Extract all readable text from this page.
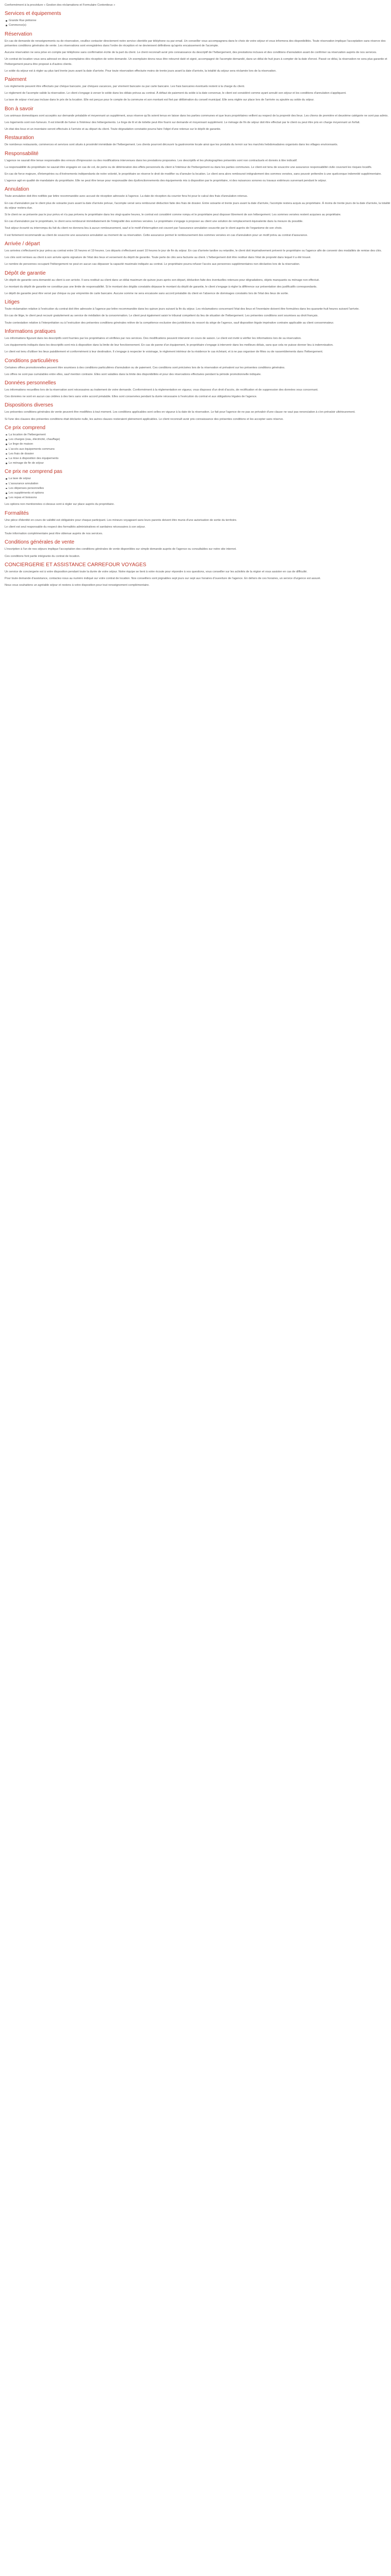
Conformément à la procédure « Gestion des réclamations et Formulaire Contentieux »

Services et équipements
Grande Rue piétonne
Commerce(s)
Réservation

En cas de demande de renseignements ou de réservation, veuillez contacter directement notre service clientèle par téléphone ou par email. Un conseiller vous accompagnera dans le choix de votre séjour et vous informera des disponibilités. Toute réservation implique l'acceptation sans réserve des présentes conditions générales de vente. Les réservations sont enregistrées dans l'ordre de réception et ne deviennent définitives qu'après encaissement de l'acompte.

Aucune réservation ne sera prise en compte par téléphone sans confirmation écrite de la part du client. Le client reconnaît avoir pris connaissance du descriptif de l'hébergement, des prestations incluses et des conditions d'annulation avant de confirmer sa réservation auprès de nos services.

Un contrat de location vous sera adressé en deux exemplaires dès réception de votre demande. Un exemplaire devra nous être retourné daté et signé, accompagné de l'acompte demandé, dans un délai de huit jours à compter de la date d'envoi. Passé ce délai, la réservation ne sera plus garantie et l'hébergement pourra être proposé à d'autres clients.

Le solde du séjour est à régler au plus tard trente jours avant la date d'arrivée. Pour toute réservation effectuée moins de trente jours avant la date d'arrivée, la totalité du séjour sera réclamée lors de la réservation.

Paiement

Les règlements peuvent être effectués par chèque bancaire, par chèques vacances, par virement bancaire ou par carte bancaire. Les frais bancaires éventuels restent à la charge du client.

Le règlement de l'acompte valide la réservation. Le client s'engage à verser le solde dans les délais prévus au contrat. À défaut de paiement du solde à la date convenue, le client est considéré comme ayant annulé son séjour et les conditions d'annulation s'appliquent.

La taxe de séjour n'est pas incluse dans le prix de la location. Elle est perçue pour le compte de la commune et son montant est fixé par délibération du conseil municipal. Elle sera réglée sur place lors de l'arrivée ou ajoutée au solde du séjour.

Bon à savoir

Les animaux domestiques sont acceptés sur demande préalable et moyennant un supplément, sous réserve qu'ils soient tenus en laisse dans les parties communes et que leurs propriétaires veillent au respect de la propreté des lieux. Les chiens de première et deuxième catégorie ne sont pas admis.

Les logements sont non-fumeurs. Il est interdit de fumer à l'intérieur des hébergements. Le linge de lit et de toilette peut être fourni sur demande et moyennant supplément. Le ménage de fin de séjour doit être effectué par le client ou peut être pris en charge moyennant un forfait.

Un état des lieux et un inventaire seront effectués à l'arrivée et au départ du client. Toute dégradation constatée pourra faire l'objet d'une retenue sur le dépôt de garantie.

Restauration

De nombreux restaurants, commerces et services sont situés à proximité immédiate de l'hébergement. Les clients pourront découvrir la gastronomie locale ainsi que les produits du terroir sur les marchés hebdomadaires organisés dans les villages environnants.

Responsabilité

L'agence ne saurait être tenue responsable des erreurs d'impression ou des modifications intervenues dans les prestations proposées. Les descriptifs et les photographies présentés sont non contractuels et donnés à titre indicatif.

La responsabilité du propriétaire ne saurait être engagée en cas de vol, de perte ou de détérioration des effets personnels du client à l'intérieur de l'hébergement ou dans les parties communes. Le client est tenu de souscrire une assurance responsabilité civile couvrant les risques locatifs.

En cas de force majeure, d'intempéries ou d'événements indépendants de notre volonté, le propriétaire se réserve le droit de modifier ou d'annuler la location. Le client sera alors remboursé intégralement des sommes versées, sans pouvoir prétendre à une quelconque indemnité supplémentaire.

L'agence agit en qualité de mandataire du propriétaire. Elle ne peut être tenue pour responsable des dysfonctionnements des équipements mis à disposition par le propriétaire, ni des nuisances sonores ou travaux extérieurs survenant pendant le séjour.

Annulation

Toute annulation doit être notifiée par lettre recommandée avec accusé de réception adressée à l'agence. La date de réception du courrier fera foi pour le calcul des frais d'annulation retenus.

En cas d'annulation par le client plus de soixante jours avant la date d'arrivée prévue, l'acompte versé sera remboursé déduction faite des frais de dossier. Entre soixante et trente jours avant la date d'arrivée, l'acompte restera acquis au propriétaire. À moins de trente jours de la date d'arrivée, la totalité du séjour restera due.

Si le client ne se présente pas le jour prévu et n'a pas prévenu le propriétaire dans les vingt-quatre heures, le contrat est considéré comme rompu et le propriétaire peut disposer librement de son hébergement. Les sommes versées restent acquises au propriétaire.

En cas d'annulation par le propriétaire, le client sera remboursé immédiatement de l'intégralité des sommes versées. Le propriétaire s'engage à proposer au client une solution de remplacement équivalente dans la mesure du possible.

Tout séjour écourté ou interrompu du fait du client ne donnera lieu à aucun remboursement, sauf si le motif d'interruption est couvert par l'assurance annulation souscrite par le client auprès de l'organisme de son choix.

Il est fortement recommandé au client de souscrire une assurance annulation au moment de sa réservation. Cette assurance permet le remboursement des sommes versées en cas d'annulation pour un motif prévu au contrat d'assurance.

Arrivée / départ

Les arrivées s'effectuent le jour prévu au contrat entre 16 heures et 19 heures. Les départs s'effectuent avant 10 heures le jour de fin du séjour. En cas d'arrivée tardive ou retardée, le client doit impérativement prévenir le propriétaire ou l'agence afin de convenir des modalités de remise des clés.

Les clés sont remises au client à son arrivée après signature de l'état des lieux et versement du dépôt de garantie. Toute perte de clés sera facturée au client. L'hébergement doit être restitué dans l'état de propreté dans lequel il a été trouvé.

Le nombre de personnes occupant l'hébergement ne peut en aucun cas dépasser la capacité maximale indiquée au contrat. Le propriétaire pourra refuser l'accès aux personnes supplémentaires non déclarées lors de la réservation.

Dépôt de garantie

Un dépôt de garantie sera demandé au client à son arrivée. Il sera restitué au client dans un délai maximum de quinze jours après son départ, déduction faite des éventuelles retenues pour dégradations, objets manquants ou ménage non effectué.

Le montant du dépôt de garantie ne constitue pas une limite de responsabilité. Si le montant des dégâts constatés dépasse le montant du dépôt de garantie, le client s'engage à régler la différence sur présentation des justificatifs correspondants.

Le dépôt de garantie peut être versé par chèque ou par empreinte de carte bancaire. Aucune somme ne sera encaissée sans accord préalable du client en l'absence de dommages constatés lors de l'état des lieux de sortie.

Litiges

Toute réclamation relative à l'exécution du contrat doit être adressée à l'agence par lettre recommandée dans les quinze jours suivant la fin du séjour. Les réclamations concernant l'état des lieux et l'inventaire doivent être formulées dans les quarante-huit heures suivant l'arrivée.

En cas de litige, le client peut recourir gratuitement au service de médiation de la consommation. Le client peut également saisir le tribunal compétent du lieu de situation de l'hébergement. Les présentes conditions sont soumises au droit français.

Toute contestation relative à l'interprétation ou à l'exécution des présentes conditions générales relève de la compétence exclusive des juridictions du ressort du siège de l'agence, sauf disposition légale impérative contraire applicable au client consommateur.

Informations pratiques

Les informations figurant dans les descriptifs sont fournies par les propriétaires et vérifiées par nos services. Des modifications peuvent intervenir en cours de saison. Le client est invité à vérifier les informations lors de sa réservation.

Les équipements indiqués dans les descriptifs sont mis à disposition dans la limite de leur fonctionnement. En cas de panne d'un équipement, le propriétaire s'engage à intervenir dans les meilleurs délais, sans que cela ne puisse donner lieu à indemnisation.

Le client est tenu d'utiliser les lieux paisiblement et conformément à leur destination. Il s'engage à respecter le voisinage, le règlement intérieur de la résidence le cas échéant, et à ne pas organiser de fêtes ou de rassemblements dans l'hébergement.

Conditions particulières

Certaines offres promotionnelles peuvent être soumises à des conditions particulières d'annulation ou de paiement. Ces conditions sont précisées lors de la réservation et prévalent sur les présentes conditions générales.

Les offres ne sont pas cumulables entre elles, sauf mention contraire. Elles sont valables dans la limite des disponibilités et pour des réservations effectuées pendant la période promotionnelle indiquée.

Données personnelles

Les informations recueillies lors de la réservation sont nécessaires au traitement de votre demande. Conformément à la réglementation en vigueur, vous disposez d'un droit d'accès, de rectification et de suppression des données vous concernant.

Ces données ne sont en aucun cas cédées à des tiers sans votre accord préalable. Elles sont conservées pendant la durée nécessaire à l'exécution du contrat et aux obligations légales de l'agence.

Dispositions diverses

Les présentes conditions générales de vente peuvent être modifiées à tout moment. Les conditions applicables sont celles en vigueur à la date de la réservation. Le fait pour l'agence de ne pas se prévaloir d'une clause ne vaut pas renonciation à s'en prévaloir ultérieurement.

Si l'une des clauses des présentes conditions était déclarée nulle, les autres clauses resteraient pleinement applicables. Le client reconnaît avoir pris connaissance des présentes conditions et les accepter sans réserve.

Ce prix comprend
La location de l'hébergement
Les charges (eau, électricité, chauffage)
Le linge de maison
L'accès aux équipements communs
Les frais de dossier
La mise à disposition des équipements
Le ménage de fin de séjour
Ce prix ne comprend pas
La taxe de séjour
L'assurance annulation
Les dépenses personnelles
Les suppléments et options
Les repas et boissons

Les options non mentionnées ci-dessus sont à régler sur place auprès du propriétaire.

Formalités

Une pièce d'identité en cours de validité est obligatoire pour chaque participant. Les mineurs voyageant sans leurs parents doivent être munis d'une autorisation de sortie du territoire.

Le client est seul responsable du respect des formalités administratives et sanitaires nécessaires à son séjour.

Toute information complémentaire peut être obtenue auprès de nos services.

Conditions générales de vente

L'inscription à l'un de nos séjours implique l'acceptation des conditions générales de vente disponibles sur simple demande auprès de l'agence ou consultables sur notre site internet.

Ces conditions font partie intégrante du contrat de location.

CONCIERGERIE ET ASSISTANCE CARREFOUR VOYAGES

Un service de conciergerie est à votre disposition pendant toute la durée de votre séjour. Notre équipe se tient à votre écoute pour répondre à vos questions, vous conseiller sur les activités de la région et vous assister en cas de difficulté.

Pour toute demande d'assistance, contactez-nous au numéro indiqué sur votre contrat de location. Nos conseillers sont joignables sept jours sur sept aux horaires d'ouverture de l'agence. En dehors de ces horaires, un service d'urgence est assuré.

Nous vous souhaitons un agréable séjour et restons à votre disposition pour tout renseignement complémentaire.
